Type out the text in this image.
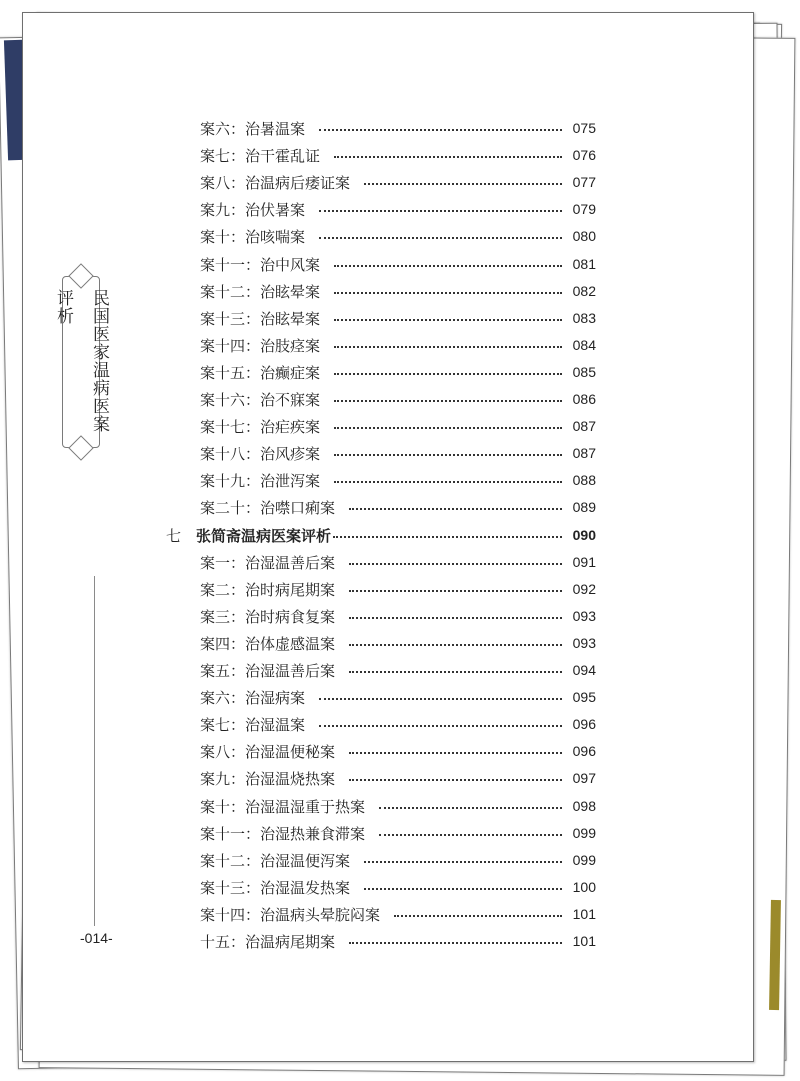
民国医家温病医案评析
-014-
案六：治暑温案	075
案七：治干霍乱证	076
案八：治温病后痿证案	077
案九：治伏暑案	079
案十：治咳喘案	080
案十一：治中风案	081
案十二：治眩晕案	082
案十三：治眩晕案	083
案十四：治肢痉案	084
案十五：治癫症案	085
案十六：治不寐案	086
案十七：治疟疾案	087
案十八：治风疹案	087
案十九：治泄泻案	088
案二十：治噤口痢案	089
七 张简斋温病医案评析	090
案一：治湿温善后案	091
案二：治时病尾期案	092
案三：治时病食复案	093
案四：治体虚感温案	093
案五：治湿温善后案	094
案六：治湿病案	095
案七：治湿温案	096
案八：治湿温便秘案	096
案九：治湿温烧热案	097
案十：治湿温湿重于热案	098
案十一：治湿热兼食滞案	099
案十二：治湿温便泻案	099
案十三：治湿温发热案	100
案十四：治温病头晕脘闷案	101
十五：治温病尾期案	101
